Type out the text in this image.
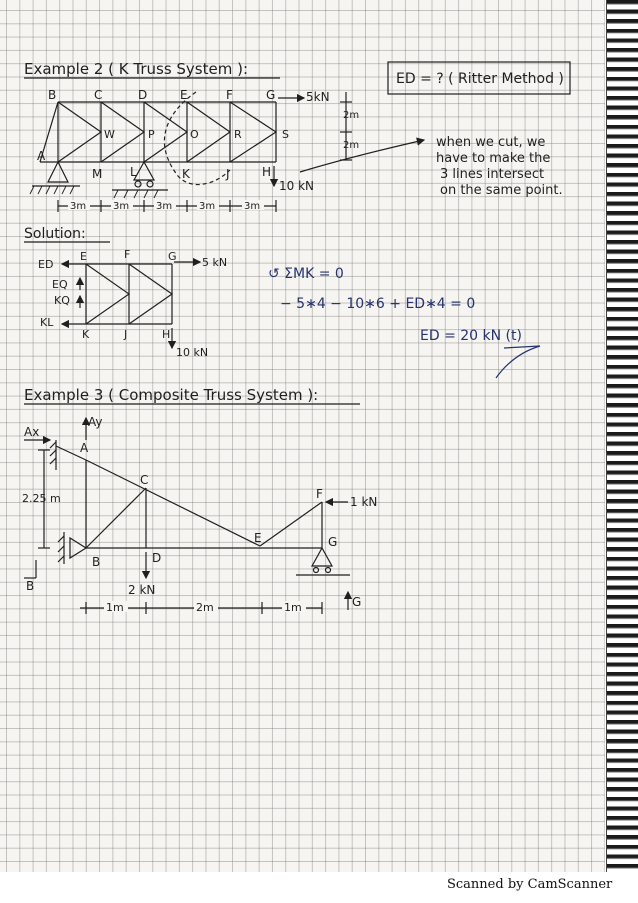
Example 2 ( K Truss System ):
ED = ? ( Ritter Method )
5kN
10 kN
2m
2m
B	C	D	E	F	G
W	P	O	R	S
M L	K	J	H
A
3m	3m	3m	3m	3m
when we cut, we
have to make the
3 lines intersect
on the same point.
Solution:
ED
EQ
KQ
KL
E	F	G
K	J	H
5 kN
10 kN
↺ ΣMK = 0
− 5∗4 − 10∗6 + ED∗4 = 0
ED = 20 kN (t)
Example 3 ( Composite Truss System ):
Ay
Ax
B
A
B
C
D
E
F
G
2.25 m	1 kN
2 kN
G
1m	2m	1m
Scanned by CamScanner
